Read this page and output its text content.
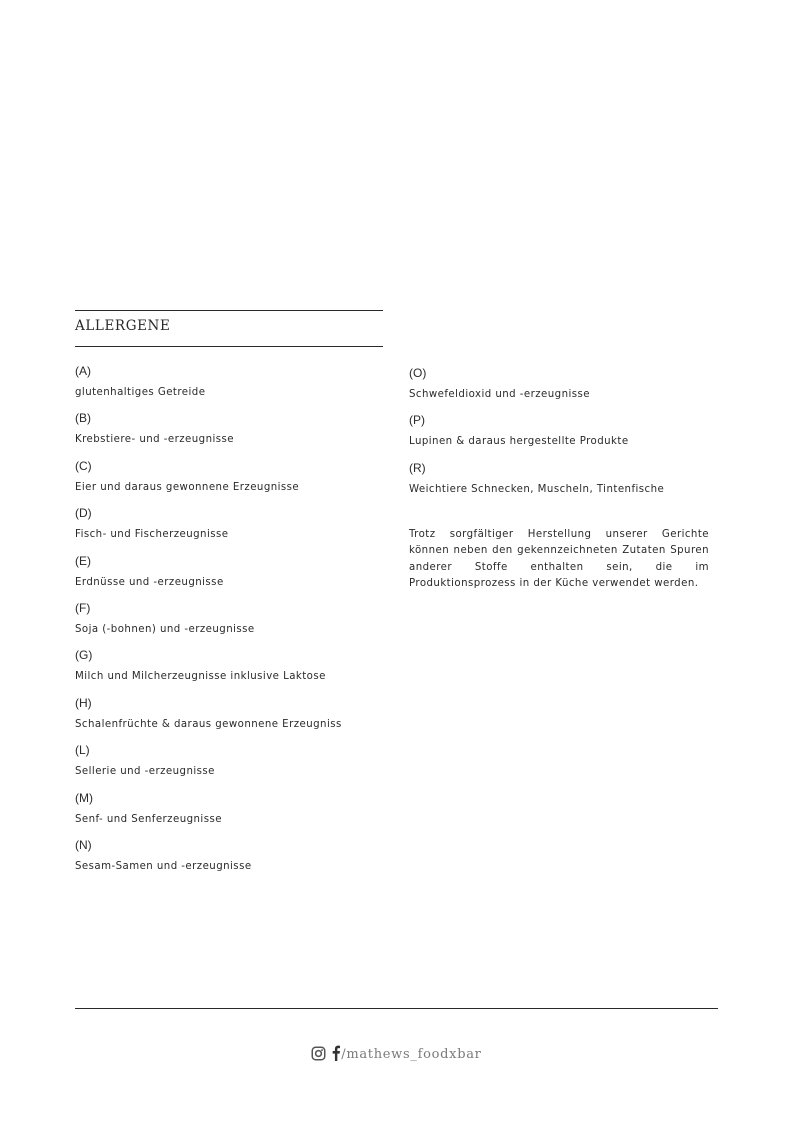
ALLERGENE
(A)
glutenhaltiges Getreide
(B)
Krebstiere- und -erzeugnisse
(C)
Eier und daraus gewonnene Erzeugnisse
(D)
Fisch- und Fischerzeugnisse
(E)
Erdnüsse und -erzeugnisse
(F)
Soja (-bohnen) und -erzeugnisse
(G)
Milch und Milcherzeugnisse inklusive Laktose
(H)
Schalenfrüchte & daraus gewonnene Erzeugniss
(L)
Sellerie und -erzeugnisse
(M)
Senf- und Senferzeugnisse
(N)
Sesam-Samen und -erzeugnisse
(O)
Schwefeldioxid und -erzeugnisse
(P)
Lupinen & daraus hergestellte Produkte
(R)
Weichtiere Schnecken, Muscheln, Tintenfische
Trotz sorgfältiger Herstellung unserer Gerichte können neben den gekennzeichneten Zutaten Spuren anderer Stoffe enthalten sein, die im Produktionsprozess in der Küche verwendet werden.
/mathews_foodxbar
